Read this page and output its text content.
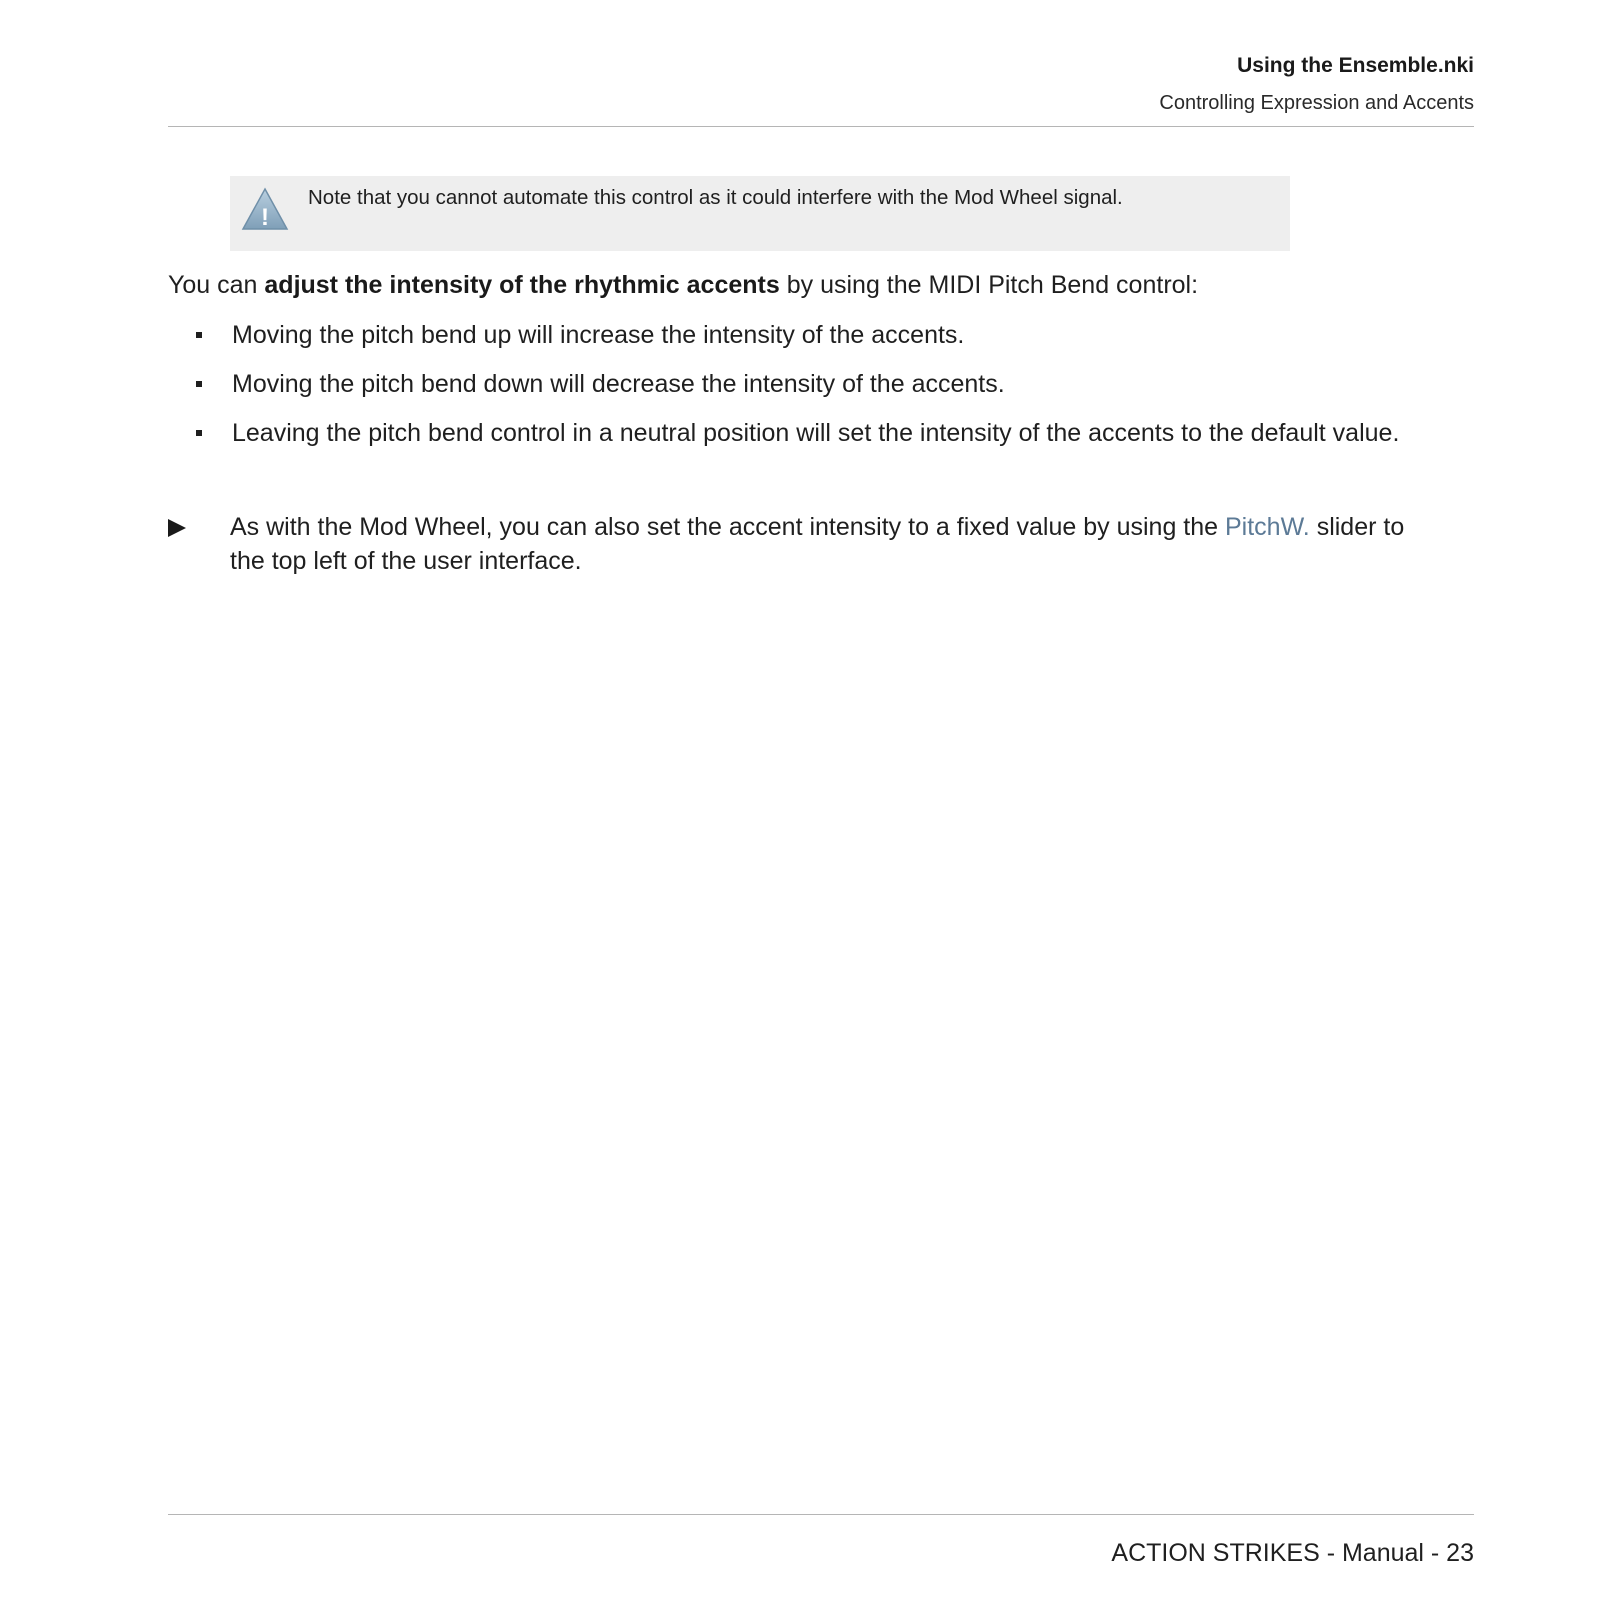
Using the Ensemble.nki
Controlling Expression and Accents
!
Note that you cannot automate this control as it could interfere with the Mod Wheel signal.

You can adjust the intensity of the rhythmic accents by using the MIDI Pitch Bend control:

Moving the pitch bend up will increase the intensity of the accents.
Moving the pitch bend down will decrease the intensity of the accents.
Leaving the pitch bend control in a neutral position will set the intensity of the accents to the default value.
As with the Mod Wheel, you can also set the accent intensity to a fixed value by using the PitchW. slider to the top left of the user interface.
ACTION STRIKES - Manual - 23
